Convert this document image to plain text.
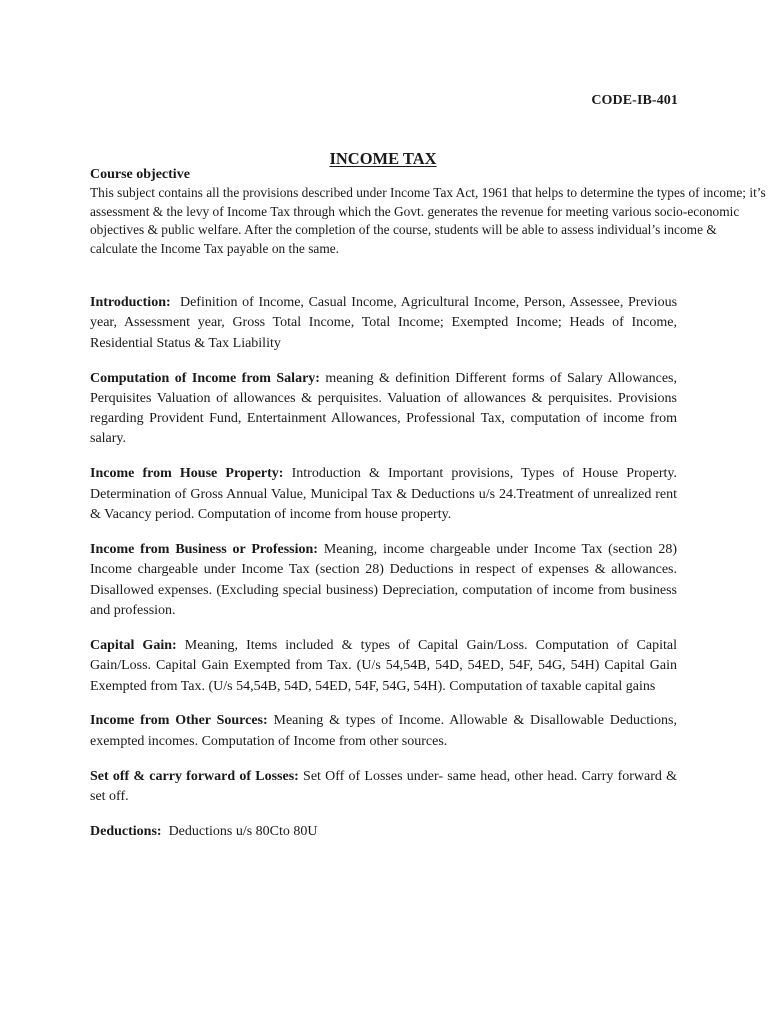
CODE-IB-401
INCOME TAX
Course objective
This subject contains all the provisions described under Income Tax Act, 1961 that helps to determine the types of income; it’s assessment & the levy of Income Tax through which the Govt. generates the revenue for meeting various socio-economic objectives & public welfare. After the completion of the course, students will be able to assess individual’s income & calculate the Income Tax payable on the same.

Introduction: Definition of Income, Casual Income, Agricultural Income, Person, Assessee, Previous year, Assessment year, Gross Total Income, Total Income; Exempted Income; Heads of Income, Residential Status & Tax Liability

Computation of Income from Salary: meaning & definition Different forms of Salary Allowances, Perquisites Valuation of allowances & perquisites. Valuation of allowances & perquisites. Provisions regarding Provident Fund, Entertainment Allowances, Professional Tax, computation of income from salary.

Income from House Property: Introduction & Important provisions, Types of House Property. Determination of Gross Annual Value, Municipal Tax & Deductions u/s 24.Treatment of unrealized rent & Vacancy period. Computation of income from house property.

Income from Business or Profession: Meaning, income chargeable under Income Tax (section 28) Income chargeable under Income Tax (section 28) Deductions in respect of expenses & allowances. Disallowed expenses. (Excluding special business) Depreciation, computation of income from business and profession.

Capital Gain: Meaning, Items included & types of Capital Gain/Loss. Computation of Capital Gain/Loss. Capital Gain Exempted from Tax. (U/s 54,54B, 54D, 54ED, 54F, 54G, 54H) Capital Gain Exempted from Tax. (U/s 54,54B, 54D, 54ED, 54F, 54G, 54H). Computation of taxable capital gains

Income from Other Sources: Meaning & types of Income. Allowable & Disallowable Deductions, exempted incomes. Computation of Income from other sources.

Set off & carry forward of Losses: Set Off of Losses under- same head, other head. Carry forward & set off.

Deductions: Deductions u/s 80Cto 80U
